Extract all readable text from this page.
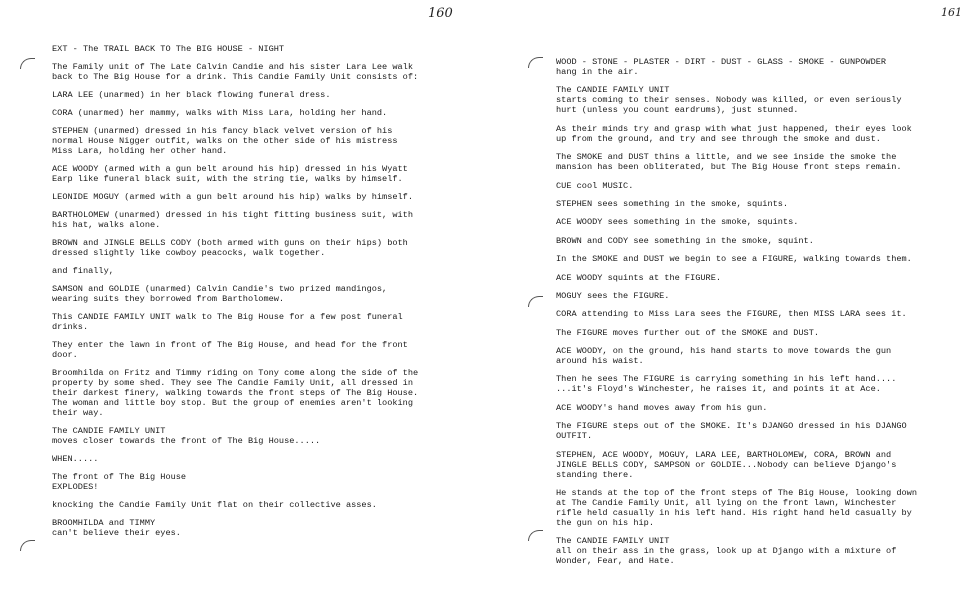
160

EXT - The TRAIL BACK TO The BIG HOUSE - NIGHT

The Family unit of The Late Calvin Candie and his sister Lara Lee walk
back to The Big House for a drink. This Candie Family Unit consists of:

LARA LEE (unarmed) in her black flowing funeral dress.

CORA (unarmed) her mammy, walks with Miss Lara, holding her hand.

STEPHEN (unarmed) dressed in his fancy black velvet version of his
normal House Nigger outfit, walks on the other side of his mistress
Miss Lara, holding her other hand.

ACE WOODY (armed with a gun belt around his hip) dressed in his Wyatt
Earp like funeral black suit, with the string tie, walks by himself.

LEONIDE MOGUY (armed with a gun belt around his hip) walks by himself.

BARTHOLOMEW (unarmed) dressed in his tight fitting business suit, with
his hat, walks alone.

BROWN and JINGLE BELLS CODY (both armed with guns on their hips) both
dressed slightly like cowboy peacocks, walk together.

and finally,

SAMSON and GOLDIE (unarmed) Calvin Candie's two prized mandingos,
wearing suits they borrowed from Bartholomew.

This CANDIE FAMILY UNIT walk to The Big House for a few post funeral
drinks.

They enter the lawn in front of The Big House, and head for the front
door.

Broomhilda on Fritz and Timmy riding on Tony come along the side of the
property by some shed. They see The Candie Family Unit, all dressed in
their darkest finery, walking towards the front steps of The Big House.
The woman and little boy stop. But the group of enemies aren't looking
their way.

The CANDIE FAMILY UNIT
moves closer towards the front of The Big House.....

WHEN.....

The front of The Big House
EXPLODES!

knocking the Candie Family Unit flat on their collective asses.

BROOMHILDA and TIMMY
can't believe their eyes.

161

WOOD - STONE - PLASTER - DIRT - DUST - GLASS - SMOKE - GUNPOWDER
hang in the air.

The CANDIE FAMILY UNIT
starts coming to their senses. Nobody was killed, or even seriously
hurt (unless you count eardrums), just stunned.

As their minds try and grasp with what just happened, their eyes look
up from the ground, and try and see through the smoke and dust.

The SMOKE and DUST thins a little, and we see inside the smoke the
mansion has been obliterated, but The Big House front steps remain.

CUE cool MUSIC.

STEPHEN sees something in the smoke, squints.

ACE WOODY sees something in the smoke, squints.

BROWN and CODY see something in the smoke, squint.

In the SMOKE and DUST we begin to see a FIGURE, walking towards them.

ACE WOODY squints at the FIGURE.

MOGUY sees the FIGURE.

CORA attending to Miss Lara sees the FIGURE, then MISS LARA sees it.

The FIGURE moves further out of the SMOKE and DUST.

ACE WOODY, on the ground, his hand starts to move towards the gun
around his waist.

Then he sees The FIGURE is carrying something in his left hand....
...it's Floyd's Winchester, he raises it, and points it at Ace.

ACE WOODY's hand moves away from his gun.

The FIGURE steps out of the SMOKE. It's DJANGO dressed in his DJANGO
OUTFIT.

STEPHEN, ACE WOODY, MOGUY, LARA LEE, BARTHOLOMEW, CORA, BROWN and
JINGLE BELLS CODY, SAMPSON or GOLDIE...Nobody can believe Django's
standing there.

He stands at the top of the front steps of The Big House, looking down
at The Candie Family Unit, all lying on the front lawn, Winchester
rifle held casually in his left hand. His right hand held casually by
the gun on his hip.

The CANDIE FAMILY UNIT
all on their ass in the grass, look up at Django with a mixture of
Wonder, Fear, and Hate.
